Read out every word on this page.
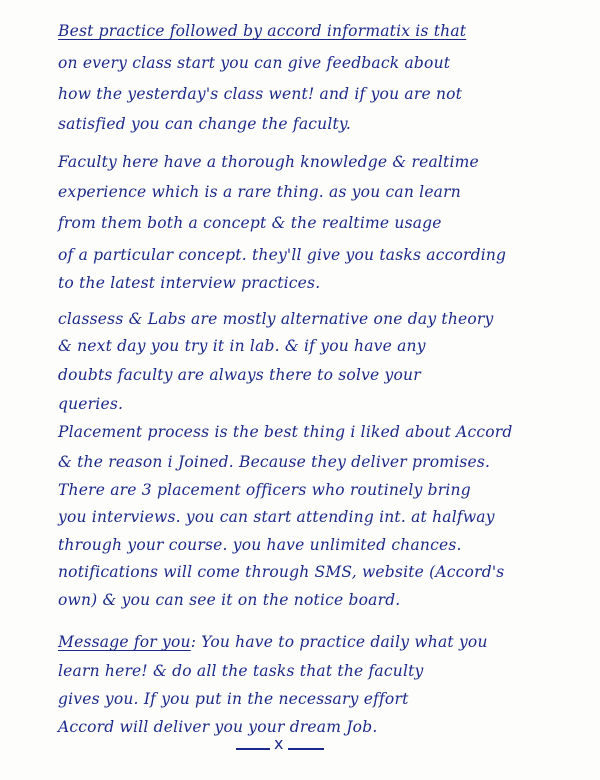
Best practice followed by accord informatix is that
on every class start you can give feedback about
how the yesterday's class went! and if you are not
satisfied you can change the faculty.
Faculty here have a thorough knowledge & realtime
experience which is a rare thing. as you can learn
from them both a concept & the realtime usage
of a particular concept. they'll give you tasks according
to the latest interview practices.
classess & Labs are mostly alternative one day theory
& next day you try it in lab. & if you have any
doubts faculty are always there to solve your
queries.
Placement process is the best thing i liked about Accord
& the reason i Joined. Because they deliver promises.
There are 3 placement officers who routinely bring
you interviews. you can start attending int. at halfway
through your course. you have unlimited chances.
notifications will come through SMS, website (Accord's
own) & you can see it on the notice board.
Message for you: You have to practice daily what you
learn here! & do all the tasks that the faculty
gives you. If you put in the necessary effort
Accord will deliver you your dream Job.
x
